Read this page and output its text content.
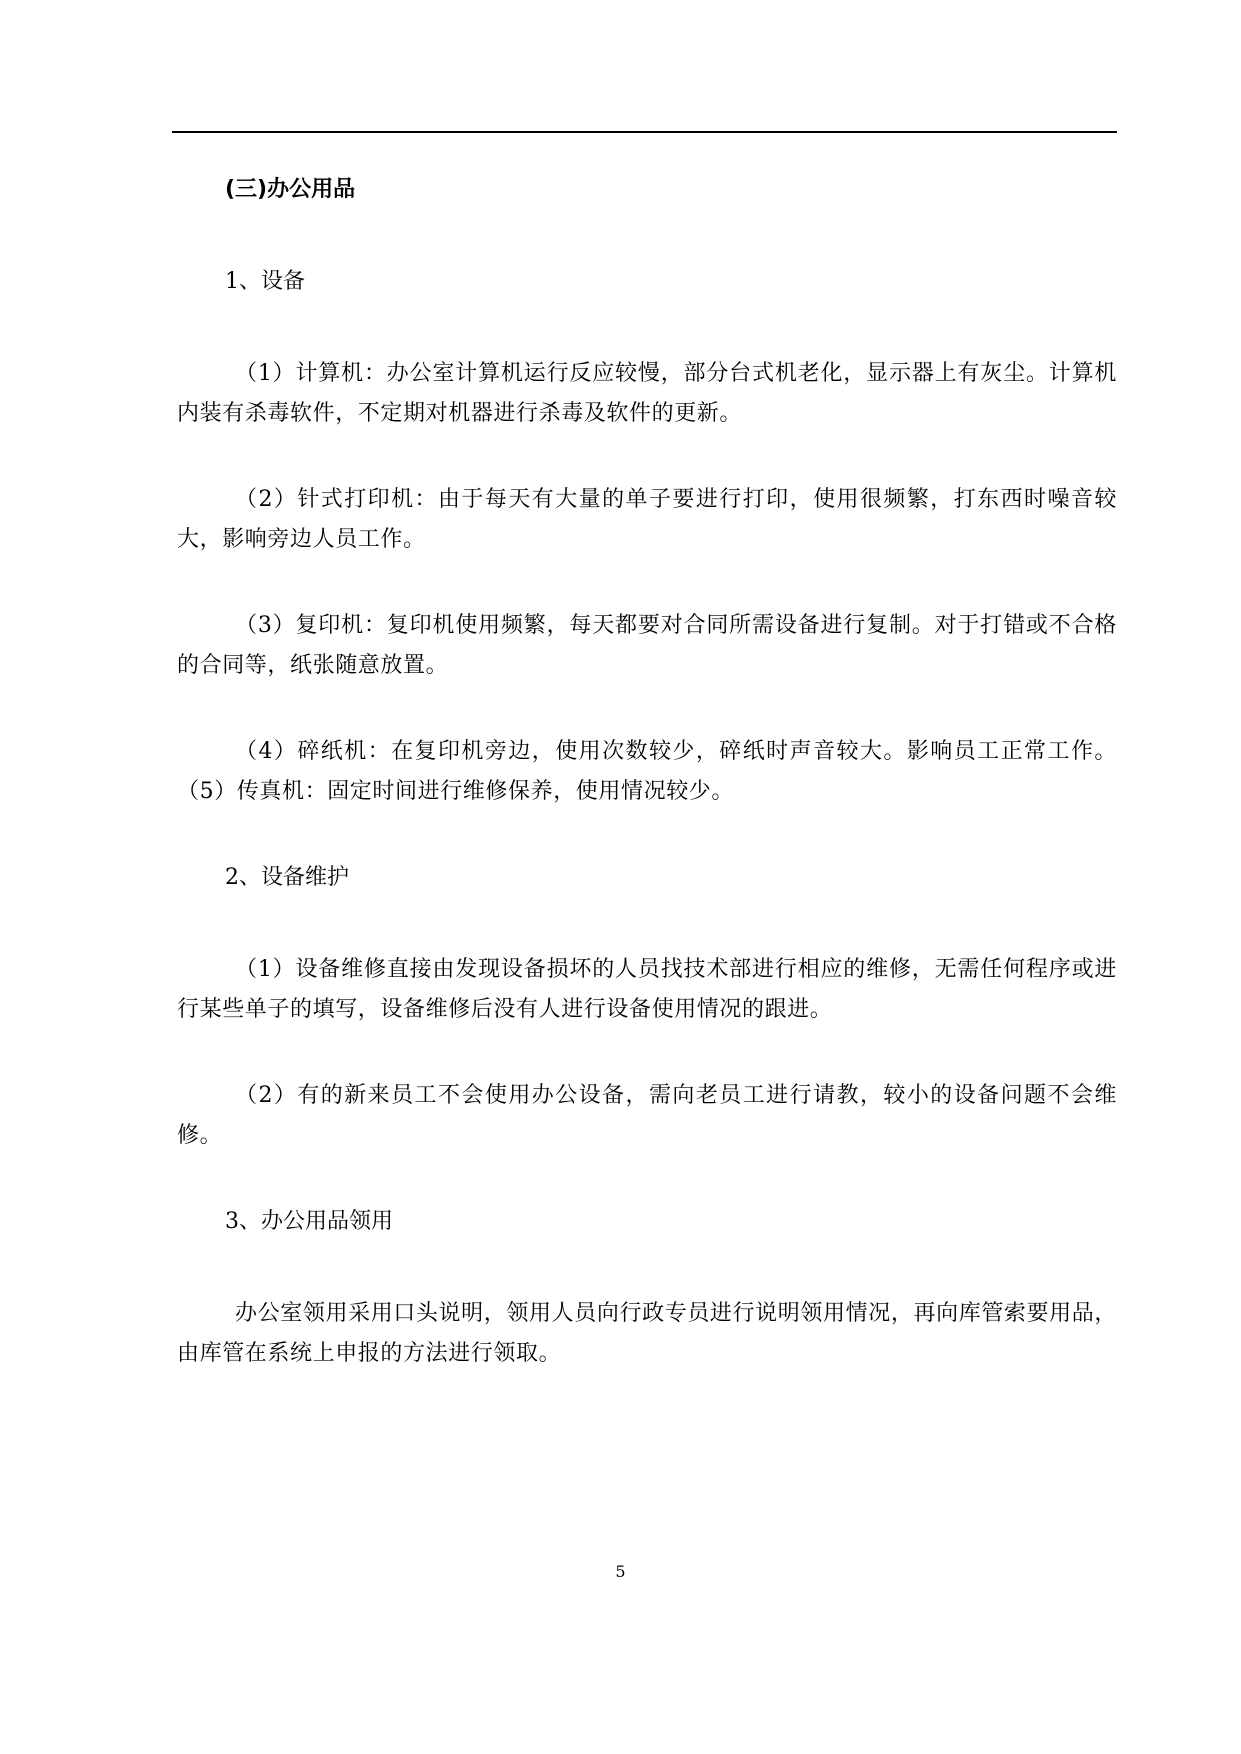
(三)办公用品
1、设备

（1）计算机：办公室计算机运行反应较慢，部分台式机老化，显示器上有灰尘。计算机内装有杀毒软件，不定期对机器进行杀毒及软件的更新。

（2）针式打印机：由于每天有大量的单子要进行打印，使用很频繁，打东西时噪音较大，影响旁边人员工作。

（3）复印机：复印机使用频繁，每天都要对合同所需设备进行复制。对于打错或不合格的合同等，纸张随意放置。

（4）碎纸机：在复印机旁边，使用次数较少，碎纸时声音较大。影响员工正常工作。（5）传真机：固定时间进行维修保养，使用情况较少。

2、设备维护

（1）设备维修直接由发现设备损坏的人员找技术部进行相应的维修，无需任何程序或进行某些单子的填写，设备维修后没有人进行设备使用情况的跟进。

（2）有的新来员工不会使用办公设备，需向老员工进行请教，较小的设备问题不会维修。

3、办公用品领用

办公室领用采用口头说明，领用人员向行政专员进行说明领用情况，再向库管索要用品，由库管在系统上申报的方法进行领取。

5
